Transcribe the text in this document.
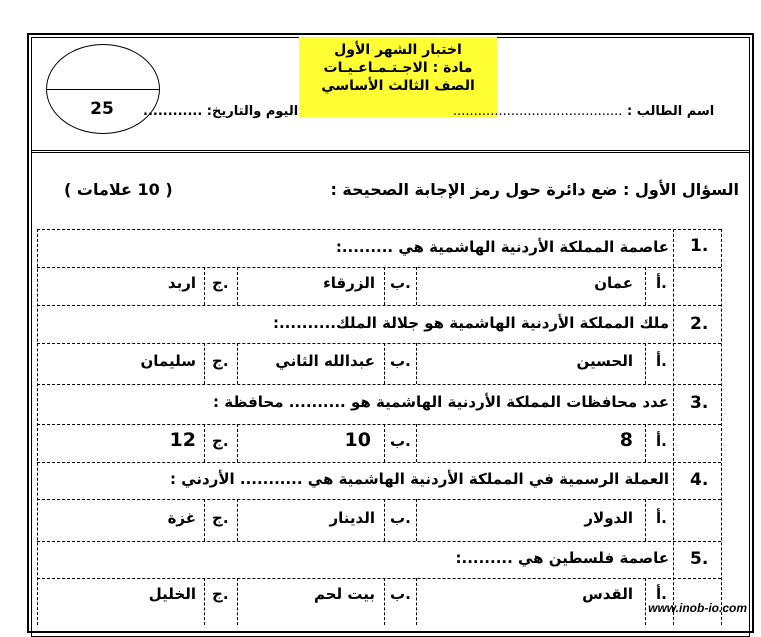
اختبار الشهر الأول
مادة : الاجـتـمـاعـيـات
الصف الثالث الأساسي
25	اسم الطالب : .........................................
اليوم والتاريخ: ............
السؤال الأول : ضع دائرة حول رمز الإجابة الصحيحة :
( 10 علامات )
1.
عاصمة المملكة الأردنية الهاشمية هي .........:
أ.
عمان
ب.
الزرقاء
ج.
اربد
2.
ملك المملكة الأردنية الهاشمية هو جلالة الملك..........:
أ.
الحسين
ب.
عبدالله الثاني
ج.
سليمان
3.
عدد محافظات المملكة الأردنية الهاشمية هو .......... محافظة :
أ.
8
ب.
10
ج.
12
4.
العملة الرسمية في المملكة الأردنية الهاشمية هي ........... الأردني :
أ.
الدولار
ب.
الدينار
ج.
غزة
5.
عاصمة فلسطين هي .........:
أ.
القدس
ب.
بيت لحم
ج.
الخليل
www.inob-io.com
